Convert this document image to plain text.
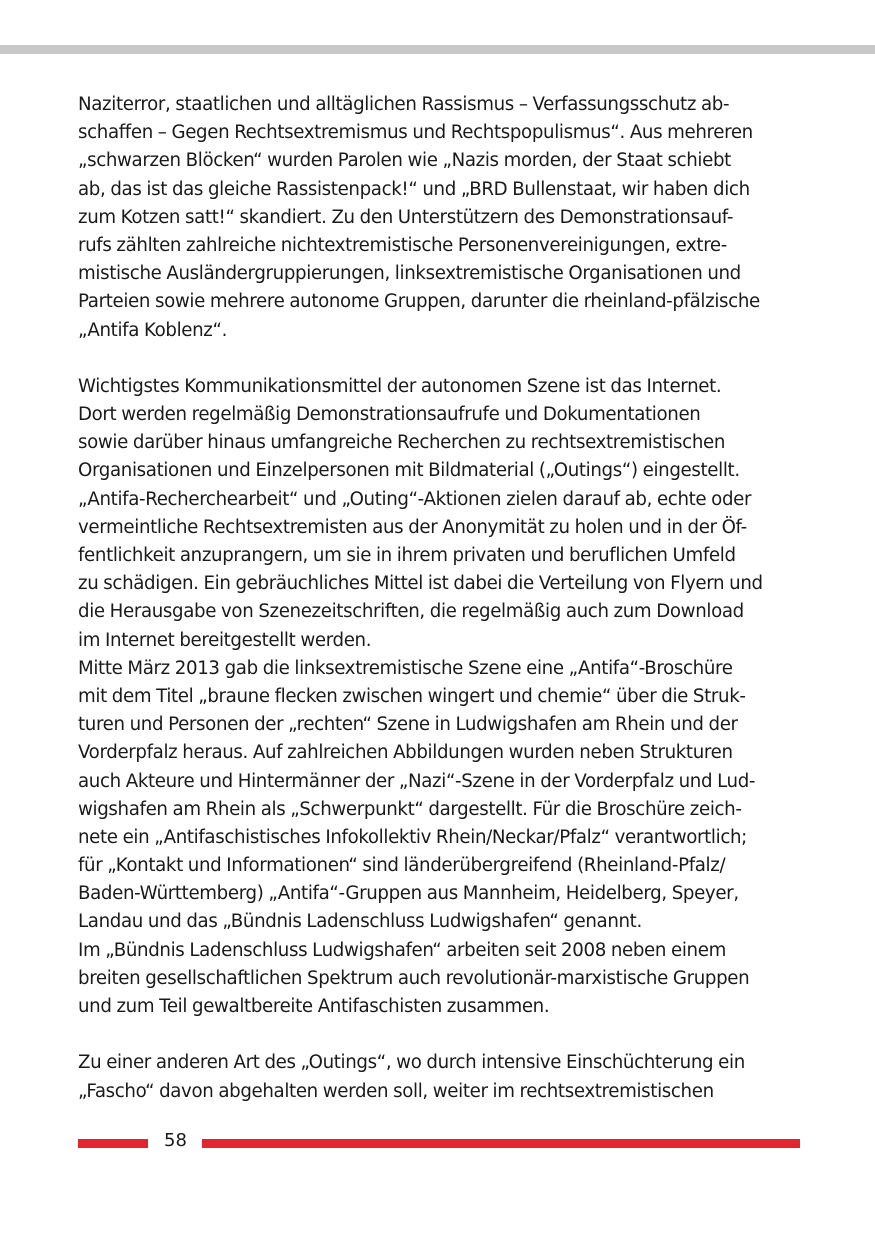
Naziterror, staatlichen und alltäglichen Rassismus – Verfassungsschutz ab-
schaffen – Gegen Rechtsextremismus und Rechtspopulismus“. Aus mehreren
„schwarzen Blöcken“ wurden Parolen wie „Nazis morden, der Staat schiebt
ab, das ist das gleiche Rassistenpack!“ und „BRD Bullenstaat, wir haben dich
zum Kotzen satt!“ skandiert. Zu den Unterstützern des Demonstrationsauf-
rufs zählten zahlreiche nichtextremistische Personenvereinigungen, extre-
mistische Ausländergruppierungen, linksextremistische Organisationen und
Parteien sowie mehrere autonome Gruppen, darunter die rheinland-pfälzische
„Antifa Koblenz“.
Wichtigstes Kommunikationsmittel der autonomen Szene ist das Internet.
Dort werden regelmäßig Demonstrationsaufrufe und Dokumentationen
sowie darüber hinaus umfangreiche Recherchen zu rechtsextremistischen
Organisationen und Einzelpersonen mit Bildmaterial („Outings“) eingestellt.
„Antifa-Recherchearbeit“ und „Outing“-Aktionen zielen darauf ab, echte oder
vermeintliche Rechtsextremisten aus der Anonymität zu holen und in der Öf-
fentlichkeit anzuprangern, um sie in ihrem privaten und beruflichen Umfeld
zu schädigen. Ein gebräuchliches Mittel ist dabei die Verteilung von Flyern und
die Herausgabe von Szenezeitschriften, die regelmäßig auch zum Download
im Internet bereitgestellt werden.
Mitte März 2013 gab die linksextremistische Szene eine „Antifa“-Broschüre
mit dem Titel „braune flecken zwischen wingert und chemie“ über die Struk-
turen und Personen der „rechten“ Szene in Ludwigshafen am Rhein und der
Vorderpfalz heraus. Auf zahlreichen Abbildungen wurden neben Strukturen
auch Akteure und Hintermänner der „Nazi“-Szene in der Vorderpfalz und Lud-
wigshafen am Rhein als „Schwerpunkt“ dargestellt. Für die Broschüre zeich-
nete ein „Antifaschistisches Infokollektiv Rhein/Neckar/Pfalz“ verantwortlich;
für „Kontakt und Informationen“ sind länderübergreifend (Rheinland-Pfalz/
Baden-Württemberg) „Antifa“-Gruppen aus Mannheim, Heidelberg, Speyer,
Landau und das „Bündnis Ladenschluss Ludwigshafen“ genannt.
Im „Bündnis Ladenschluss Ludwigshafen“ arbeiten seit 2008 neben einem
breiten gesellschaftlichen Spektrum auch revolutionär-marxistische Gruppen
und zum Teil gewaltbereite Antifaschisten zusammen.
Zu einer anderen Art des „Outings“, wo durch intensive Einschüchterung ein
„Fascho“ davon abgehalten werden soll, weiter im rechtsextremistischen
58
